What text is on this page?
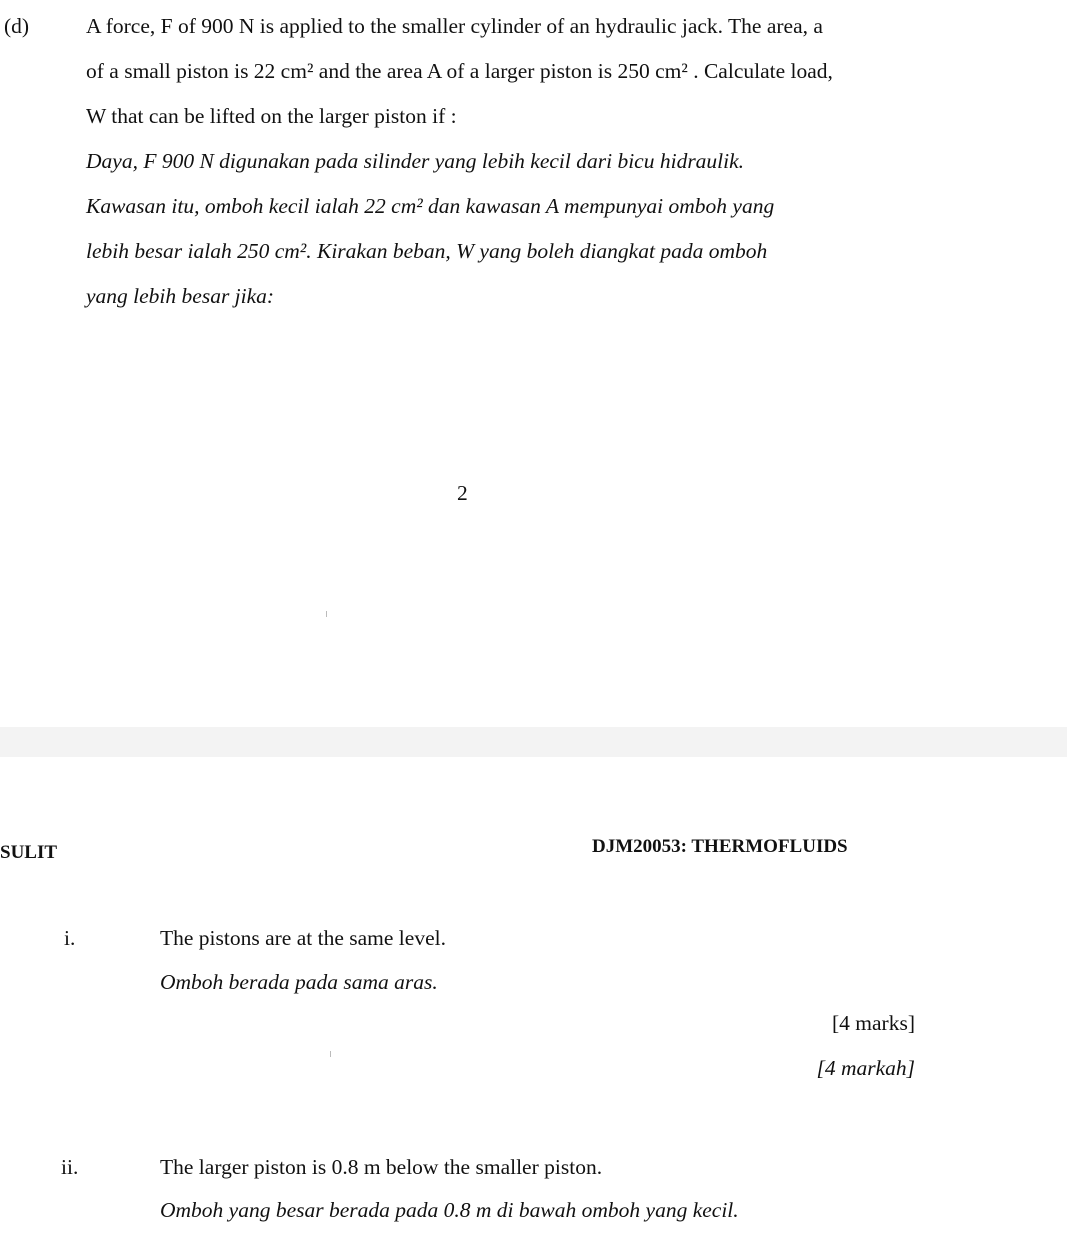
(d)	A force, F of 900 N is applied to the smaller cylinder of an hydraulic jack. The area, a
of a small piston is 22 cm² and the area A of a larger piston is 250 cm² . Calculate load,
W that can be lifted on the larger piston if :
Daya, F 900 N digunakan pada silinder yang lebih kecil dari bicu hidraulik.
Kawasan itu, omboh kecil ialah 22 cm² dan kawasan A mempunyai omboh yang
lebih besar ialah 250 cm². Kirakan beban, W yang boleh diangkat pada omboh
yang lebih besar jika:
2
SULIT	DJM20053: THERMOFLUIDS
i.	The pistons are at the same level.
Omboh berada pada sama aras.
[4 marks]
[4 markah]
ii.	The larger piston is 0.8 m below the smaller piston.
Omboh yang besar berada pada 0.8 m di bawah omboh yang kecil.
